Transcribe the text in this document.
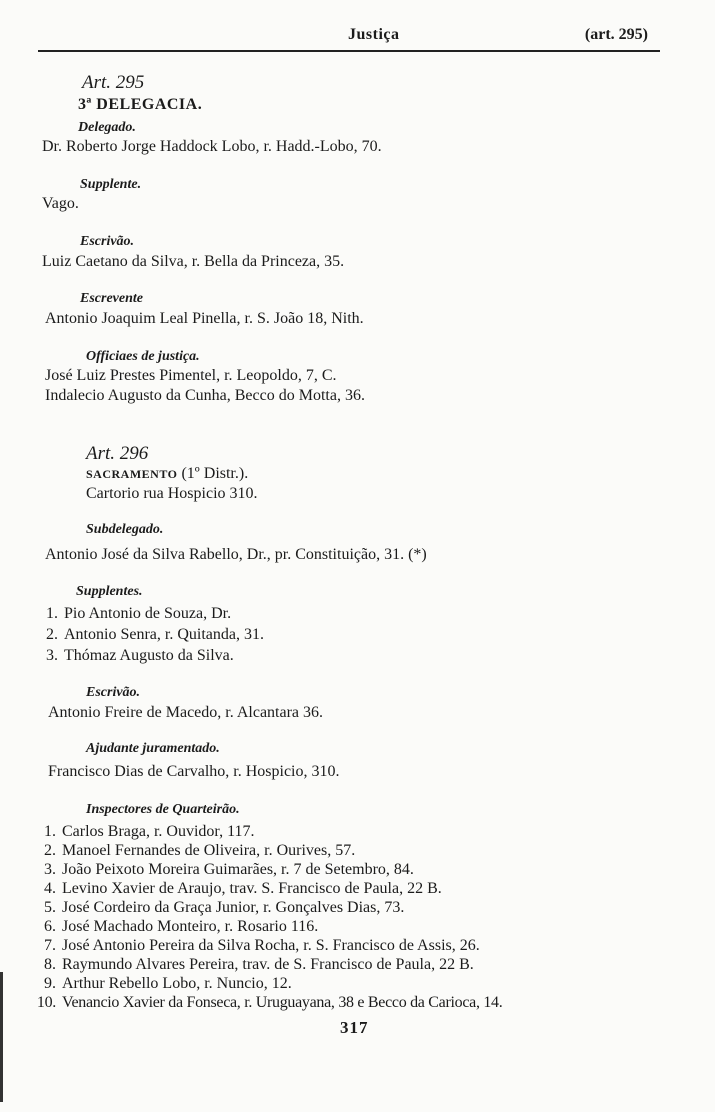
Justiça	(art. 295)
Art. 295
3ª DELEGACIA.
Delegado.
Dr. Roberto Jorge Haddock Lobo, r. Hadd.-Lobo, 70.
Supplente.
Vago.
Escrivão.
Luiz Caetano da Silva, r. Bella da Princeza, 35.
Escrevente
Antonio Joaquim Leal Pinella, r. S. João 18, Nith.
Officiaes de justiça.
José Luiz Prestes Pimentel, r. Leopoldo, 7, C.
Indalecio Augusto da Cunha, Becco do Motta, 36.
Art. 296
SACRAMENTO (1º Distr.).
Cartorio rua Hospicio 310.
Subdelegado.
Antonio José da Silva Rabello, Dr., pr. Constituição, 31. (*)
Supplentes.
1. Pio Antonio de Souza, Dr.
2. Antonio Senra, r. Quitanda, 31.
3. Thómaz Augusto da Silva.
Escrivão.
Antonio Freire de Macedo, r. Alcantara 36.
Ajudante juramentado.
Francisco Dias de Carvalho, r. Hospicio, 310.
Inspectores de Quarteirão.
1. Carlos Braga, r. Ouvidor, 117.
2. Manoel Fernandes de Oliveira, r. Ourives, 57.
3. João Peixoto Moreira Guimarães, r. 7 de Setembro, 84.
4. Levino Xavier de Araujo, trav. S. Francisco de Paula, 22 B.
5. José Cordeiro da Graça Junior, r. Gonçalves Dias, 73.
6. José Machado Monteiro, r. Rosario 116.
7. José Antonio Pereira da Silva Rocha, r. S. Francisco de Assis, 26.
8. Raymundo Alvares Pereira, trav. de S. Francisco de Paula, 22 B.
9. Arthur Rebello Lobo, r. Nuncio, 12.
10. Venancio Xavier da Fonseca, r. Uruguayana, 38 e Becco da Carioca, 14.
317
